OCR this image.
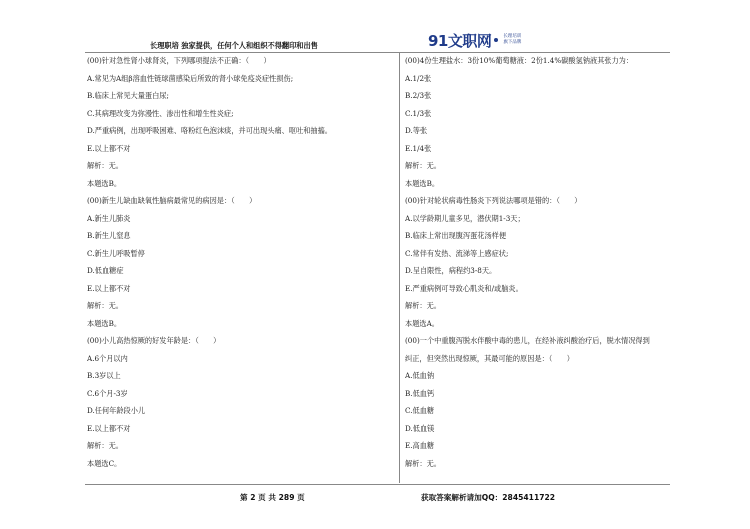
长理职培 独家提供，任何个人和组织不得翻印和出售	91文职网	长理培训
旗下品牌
(00)针对急性肾小球肾炎，下列哪项提法不正确：（　　）
A.常见为A组β溶血性链球菌感染后所致的肾小球免疫炎症性损伤;
B.临床上常见大量蛋白尿;
C.其病理改变为弥漫性、渗出性和增生性炎症;
D.严重病例，出现呼吸困难、咯粉红色泡沫痰，并可出现头痛、呕吐和抽搐。
E.以上都不对
解析：无。
本题选B。
(00)新生儿缺血缺氧性脑病最常见的病因是：（　　）
A.新生儿肺炎
B.新生儿窒息
C.新生儿呼吸暂停
D.低血糖症
E.以上都不对
解析：无。
本题选B。
(00)小儿高热惊厥的好发年龄是：（　　）
A.6个月以内
B.3岁以上
C.6个月-3岁
D.任何年龄段小儿
E.以上都不对
解析：无。
本题选C。
(00)4份生理盐水：3份10%葡萄糖液：2份1.4%碳酸氢钠液其张力为：
A.1/2张
B.2/3张
C.1/3张
D.等张
E.1/4张
解析：无。
本题选B。
(00)针对轮状病毒性肠炎下列说法哪项是错的：（　　）
A.以学龄期儿童多见，潜伏期1-3天；
B.临床上常出现腹泻蛋花汤样便
C.常伴有发热、流涕等上感症状;
D.呈自限性，病程约3-8天。
E.严重病例可导致心肌炎和/或脑炎。
解析：无。
本题选A。
(00)一个中重腹泻脱水伴酸中毒的患儿，在经补液纠酸治疗后，脱水情况得到
纠正，但突然出现惊厥，其最可能的原因是：（　　）
A.低血钠
B.低血钙
C.低血糖
D.低血镁
E.高血糖
解析：无。
第 2 页 共 289 页	获取答案解析请加QQ：2845411722
